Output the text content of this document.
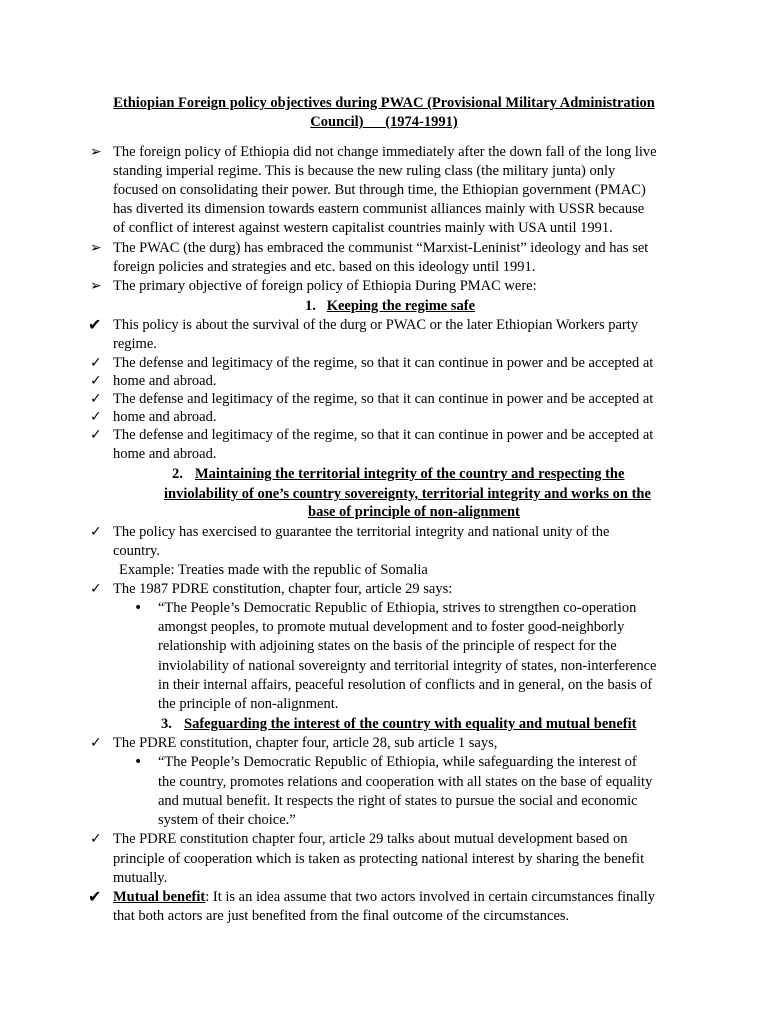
Ethiopian Foreign policy objectives during PWAC (Provisional Military Administration
Council)      (1974-1991)
➢ The foreign policy of Ethiopia did not change immediately after the down fall of the long live
standing imperial regime. This is because the new ruling class (the military junta) only
focused on consolidating their power. But through time, the Ethiopian government (PMAC)
has diverted its dimension towards eastern communist alliances mainly with USSR because
of conflict of interest against western capitalist countries mainly with USA until 1991.
➢ The PWAC (the durg) has embraced the communist “Marxist-Leninist” ideology and has set
foreign policies and strategies and etc. based on this ideology until 1991.
➢ The primary objective of foreign policy of Ethiopia During PMAC were:
1. Keeping the regime safe
✔ This policy is about the survival of the durg or PWAC or the later Ethiopian Workers party
regime.
✓ The defense and legitimacy of the regime, so that it can continue in power and be accepted at
✓ home and abroad.
✓ The defense and legitimacy of the regime, so that it can continue in power and be accepted at
✓ home and abroad.
✓ The defense and legitimacy of the regime, so that it can continue in power and be accepted at
home and abroad.
2. Maintaining the territorial integrity of the country and respecting the
inviolability of one’s country sovereignty, territorial integrity and works on the
base of principle of non-alignment
✓ The policy has exercised to guarantee the territorial integrity and national unity of the
country.
Example: Treaties made with the republic of Somalia
✓ The 1987 PDRE constitution, chapter four, article 29 says:
• “The People’s Democratic Republic of Ethiopia, strives to strengthen co-operation
amongst peoples, to promote mutual development and to foster good-neighborly
relationship with adjoining states on the basis of the principle of respect for the
inviolability of national sovereignty and territorial integrity of states, non-interference
in their internal affairs, peaceful resolution of conflicts and in general, on the basis of
the principle of non-alignment.
3. Safeguarding the interest of the country with equality and mutual benefit
✓ The PDRE constitution, chapter four, article 28, sub article 1 says,
• “The People’s Democratic Republic of Ethiopia, while safeguarding the interest of
the country, promotes relations and cooperation with all states on the base of equality
and mutual benefit. It respects the right of states to pursue the social and economic
system of their choice.”
✓ The PDRE constitution chapter four, article 29 talks about mutual development based on
principle of cooperation which is taken as protecting national interest by sharing the benefit
mutually.
✔ Mutual benefit: It is an idea assume that two actors involved in certain circumstances finally
that both actors are just benefited from the final outcome of the circumstances.
